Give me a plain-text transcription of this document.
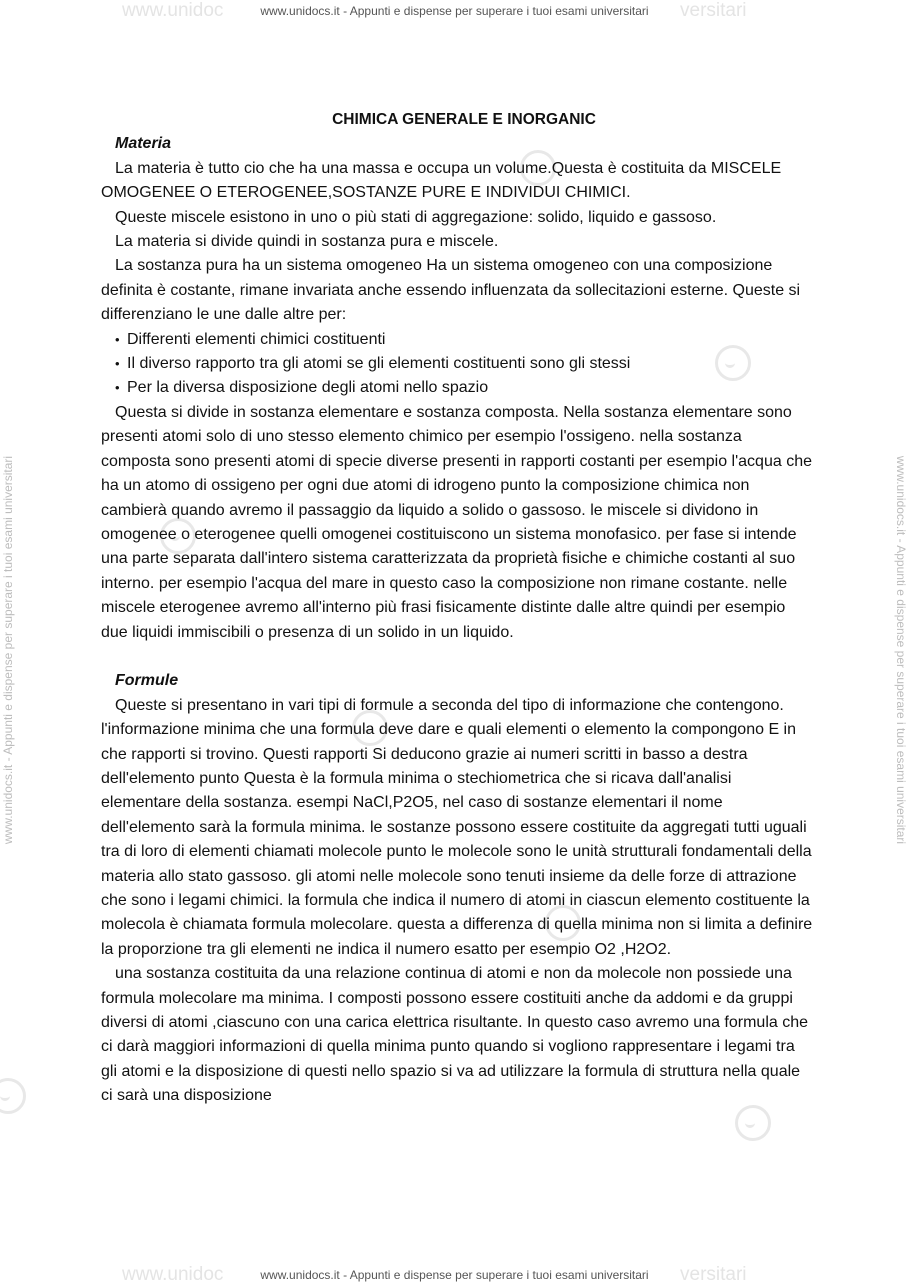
www.unidoc	versitari
www.unidocs.it - Appunti e dispense per superare i tuoi esami universitari
www.unidocs.it - Appunti e dispense per superare i tuoi esami universitari	www.unidocs.it - Appunti e dispense per superare i tuoi esami universitari

CHIMICA GENERALE E INORGANIC

Materia

La materia è tutto cio che ha una massa e occupa un volume.Questa è costituita da MISCELE OMOGENEE O ETEROGENEE,SOSTANZE PURE E INDIVIDUI CHIMICI.

Queste miscele esistono in uno o più stati di aggregazione: solido, liquido e gassoso.

La materia si divide quindi in sostanza pura e miscele.

La sostanza pura ha un sistema omogeneo Ha un sistema omogeneo con una composizione definita è costante, rimane invariata anche essendo influenzata da sollecitazioni esterne. Queste si differenziano le une dalle altre per:

• Differenti elementi chimici costituenti
• Il diverso rapporto tra gli atomi se gli elementi costituenti sono gli stessi
• Per la diversa disposizione degli atomi nello spazio

Questa si divide in sostanza elementare e sostanza composta. Nella sostanza elementare sono presenti atomi solo di uno stesso elemento chimico per esempio l'ossigeno. nella sostanza composta sono presenti atomi di specie diverse presenti in rapporti costanti per esempio l'acqua che ha un atomo di ossigeno per ogni due atomi di idrogeno punto la composizione chimica non cambierà quando avremo il passaggio da liquido a solido o gassoso. le miscele si dividono in omogenee o eterogenee quelli omogenei costituiscono un sistema monofasico. per fase si intende una parte separata dall'intero sistema caratterizzata da proprietà fisiche e chimiche costanti al suo interno. per esempio l'acqua del mare in questo caso la composizione non rimane costante. nelle miscele eterogenee avremo all'interno più frasi fisicamente distinte dalle altre quindi per esempio due liquidi immiscibili o presenza di un solido in un liquido.

Formule

Queste si presentano in vari tipi di formule a seconda del tipo di informazione che contengono. l'informazione minima che una formula deve dare e quali elementi o elemento la compongono E in che rapporti si trovino. Questi rapporti Si deducono grazie ai numeri scritti in basso a destra dell'elemento punto Questa è la formula minima o stechiometrica che si ricava dall'analisi elementare della sostanza. esempi NaCl,P2O5, nel caso di sostanze elementari il nome dell'elemento sarà la formula minima. le sostanze possono essere costituite da aggregati tutti uguali tra di loro di elementi chiamati molecole punto le molecole sono le unità strutturali fondamentali della materia allo stato gassoso. gli atomi nelle molecole sono tenuti insieme da delle forze di attrazione che sono i legami chimici. la formula che indica il numero di atomi in ciascun elemento costituente la molecola è chiamata formula molecolare. questa a differenza di quella minima non si limita a definire la proporzione tra gli elementi ne indica il numero esatto per esempio O2 ,H2O2.

una sostanza costituita da una relazione continua di atomi e non da molecole non possiede una formula molecolare ma minima. I composti possono essere costituiti anche da addomi e da gruppi diversi di atomi ,ciascuno con una carica elettrica risultante. In questo caso avremo una formula che ci darà maggiori informazioni di quella minima punto quando si vogliono rappresentare i legami tra gli atomi e la disposizione di questi nello spazio si va ad utilizzare la formula di struttura nella quale ci sarà una disposizione

www.unidoc	versitari
www.unidocs.it - Appunti e dispense per superare i tuoi esami universitari
